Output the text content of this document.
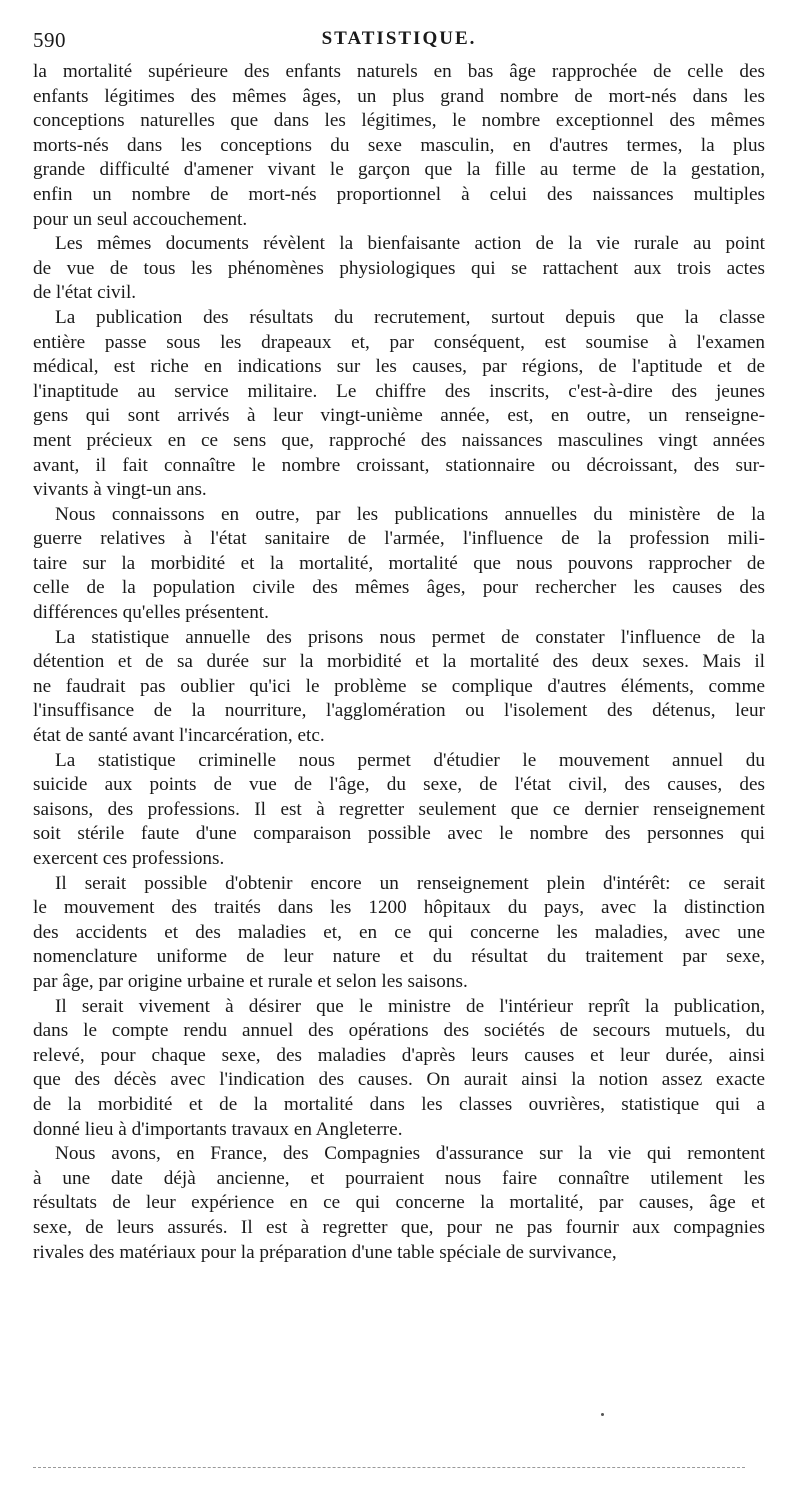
590	STATISTIQUE.
la mortalité supérieure des enfants naturels en bas âge rapprochée de celle des
enfants légitimes des mêmes âges, un plus grand nombre de mort-nés dans les
conceptions naturelles que dans les légitimes, le nombre exceptionnel des mêmes
morts-nés dans les conceptions du sexe masculin, en d'autres termes, la plus
grande difficulté d'amener vivant le garçon que la fille au terme de la gestation,
enfin un nombre de mort-nés proportionnel à celui des naissances multiples
pour un seul accouchement.
Les mêmes documents révèlent la bienfaisante action de la vie rurale au point
de vue de tous les phénomènes physiologiques qui se rattachent aux trois actes
de l'état civil.
La publication des résultats du recrutement, surtout depuis que la classe
entière passe sous les drapeaux et, par conséquent, est soumise à l'examen
médical, est riche en indications sur les causes, par régions, de l'aptitude et de
l'inaptitude au service militaire. Le chiffre des inscrits, c'est-à-dire des jeunes
gens qui sont arrivés à leur vingt-unième année, est, en outre, un renseigne-
ment précieux en ce sens que, rapproché des naissances masculines vingt années
avant, il fait connaître le nombre croissant, stationnaire ou décroissant, des sur-
vivants à vingt-un ans.
Nous connaissons en outre, par les publications annuelles du ministère de la
guerre relatives à l'état sanitaire de l'armée, l'influence de la profession mili-
taire sur la morbidité et la mortalité, mortalité que nous pouvons rapprocher de
celle de la population civile des mêmes âges, pour rechercher les causes des
différences qu'elles présentent.
La statistique annuelle des prisons nous permet de constater l'influence de la
détention et de sa durée sur la morbidité et la mortalité des deux sexes. Mais il
ne faudrait pas oublier qu'ici le problème se complique d'autres éléments, comme
l'insuffisance de la nourriture, l'agglomération ou l'isolement des détenus, leur
état de santé avant l'incarcération, etc.
La statistique criminelle nous permet d'étudier le mouvement annuel du
suicide aux points de vue de l'âge, du sexe, de l'état civil, des causes, des
saisons, des professions. Il est à regretter seulement que ce dernier renseignement
soit stérile faute d'une comparaison possible avec le nombre des personnes qui
exercent ces professions.
Il serait possible d'obtenir encore un renseignement plein d'intérêt: ce serait
le mouvement des traités dans les 1200 hôpitaux du pays, avec la distinction
des accidents et des maladies et, en ce qui concerne les maladies, avec une
nomenclature uniforme de leur nature et du résultat du traitement par sexe,
par âge, par origine urbaine et rurale et selon les saisons.
Il serait vivement à désirer que le ministre de l'intérieur reprît la publication,
dans le compte rendu annuel des opérations des sociétés de secours mutuels, du
relevé, pour chaque sexe, des maladies d'après leurs causes et leur durée, ainsi
que des décès avec l'indication des causes. On aurait ainsi la notion assez exacte
de la morbidité et de la mortalité dans les classes ouvrières, statistique qui a
donné lieu à d'importants travaux en Angleterre.
Nous avons, en France, des Compagnies d'assurance sur la vie qui remontent
à une date déjà ancienne, et pourraient nous faire connaître utilement les
résultats de leur expérience en ce qui concerne la mortalité, par causes, âge et
sexe, de leurs assurés. Il est à regretter que, pour ne pas fournir aux compagnies
rivales des matériaux pour la préparation d'une table spéciale de survivance,
